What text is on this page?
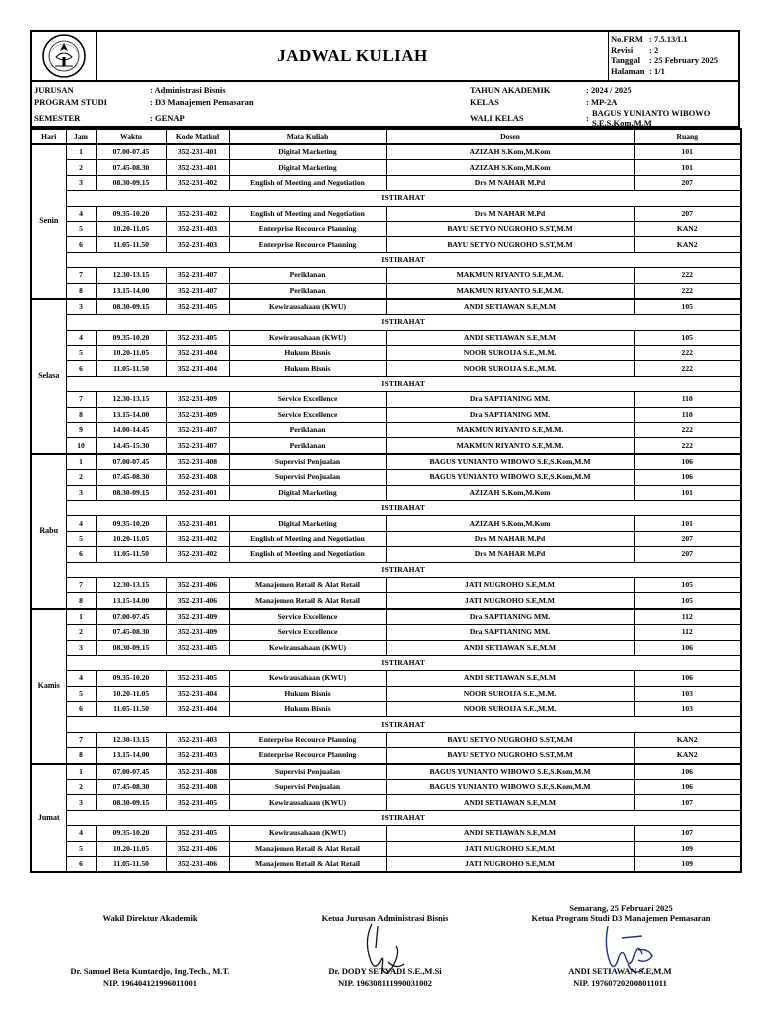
JADWAL KULIAH
No.FRM : 7.5.13/L1
Revisi	: 2
Tanggal	: 25 February 2025
Halaman : 1/1
JURUSAN	: Administrasi Bisnis
PROGRAM STUDI	: D3 Manajemen Pemasaran
SEMESTER	: GENAP
TAHUN AKADEMIK	: 2024 / 2025
KELAS	: MP-2A
WALI KELAS	: BAGUS YUNIANTO WIBOWO
S.E,S.Kom,M.M
Hari	Jam	Waktu	Kode Matkul	Mata Kuliah	Dosen	Ruang
Senin	1	07.00-07.45	352-231-401	Digital Marketing	AZIZAH S.Kom,M.Kom	101
	2	07.45-08.30	352-231-401	Digital Marketing	AZIZAH S.Kom,M.Kom	101
	3	08.30-09.15	352-231-402	English of Meeting and Negotiation	Drs M NAHAR M.Pd	207
	ISTIRAHAT					
	4	09.35-10.20	352-231-402	English of Meeting and Negotiation	Drs M NAHAR M.Pd	207
	5	10.20-11.05	352-231-403	Enterprise Recource Planning	BAYU SETYO NUGROHO S.ST,M.M	KAN2
	6	11.05-11.50	352-231-403	Enterprise Recource Planning	BAYU SETYO NUGROHO S.ST,M.M	KAN2
	ISTIRAHAT					
	7	12.30-13.15	352-231-407	Periklanan	MAKMUN RIYANTO S.E,M.M.	222
	8	13.15-14.00	352-231-407	Periklanan	MAKMUN RIYANTO S.E,M.M.	222
Selasa	3	08.30-09.15	352-231-405	Kewirausahaan (KWU)	ANDI SETIAWAN S.E,M.M	105
	ISTIRAHAT					
	4	09.35-10.20	352-231-405	Kewirausahaan (KWU)	ANDI SETIAWAN S.E,M.M	105
	5	10.20-11.05	352-231-404	Hukum Bisnis	NOOR SUROIJA S.E.,M.M.	222
	6	11.05-11.50	352-231-404	Hukum Bisnis	NOOR SUROIJA S.E.,M.M.	222
	ISTIRAHAT					
	7	12.30-13.15	352-231-409	Service Excellence	Dra SAPTIANING MM.	110
	8	13.15-14.00	352-231-409	Service Excellence	Dra SAPTIANING MM.	110
	9	14.00-14.45	352-231-407	Periklanan	MAKMUN RIYANTO S.E,M.M.	222
	10	14.45-15.30	352-231-407	Periklanan	MAKMUN RIYANTO S.E,M.M.	222
Rabu	1	07.00-07.45	352-231-408	Supervisi Penjualan	BAGUS YUNIANTO WIBOWO S.E,S.Kom,M.M	106
	2	07.45-08.30	352-231-408	Supervisi Penjualan	BAGUS YUNIANTO WIBOWO S.E,S.Kom,M.M	106
	3	08.30-09.15	352-231-401	Digital Marketing	AZIZAH S.Kom,M.Kom	101
	ISTIRAHAT					
	4	09.35-10.20	352-231-401	Digital Marketing	AZIZAH S.Kom,M.Kom	101
	5	10.20-11.05	352-231-402	English of Meeting and Negotiation	Drs M NAHAR M.Pd	207
	6	11.05-11.50	352-231-402	English of Meeting and Negotiation	Drs M NAHAR M.Pd	207
	ISTIRAHAT					
	7	12.30-13.15	352-231-406	Manajemen Retail & Alat Retail	JATI NUGROHO S.E,M.M	105
	8	13.15-14.00	352-231-406	Manajemen Retail & Alat Retail	JATI NUGROHO S.E,M.M	105
Kamis	1	07.00-07.45	352-231-409	Service Excellence	Dra SAPTIANING MM.	112
	2	07.45-08.30	352-231-409	Service Excellence	Dra SAPTIANING MM.	112
	3	08.30-09.15	352-231-405	Kewirausahaan (KWU)	ANDI SETIAWAN S.E,M.M	106
	ISTIRAHAT					
	4	09.35-10.20	352-231-405	Kewirausahaan (KWU)	ANDI SETIAWAN S.E,M.M	106
	5	10.20-11.05	352-231-404	Hukum Bisnis	NOOR SUROIJA S.E.,M.M.	103
	6	11.05-11.50	352-231-404	Hukum Bisnis	NOOR SUROIJA S.E.,M.M.	103
	ISTIRAHAT					
	7	12.30-13.15	352-231-403	Enterprise Recource Planning	BAYU SETYO NUGROHO S.ST,M.M	KAN2
	8	13.15-14.00	352-231-403	Enterprise Recource Planning	BAYU SETYO NUGROHO S.ST,M.M	KAN2
Jumat	1	07.00-07.45	352-231-408	Supervisi Penjualan	BAGUS YUNIANTO WIBOWO S.E,S.Kom,M.M	106
	2	07.45-08.30	352-231-408	Supervisi Penjualan	BAGUS YUNIANTO WIBOWO S.E,S.Kom,M.M	106
	3	08.30-09.15	352-231-405	Kewirausahaan (KWU)	ANDI SETIAWAN S.E,M.M	107
	ISTIRAHAT					
	4	09.35-10.20	352-231-405	Kewirausahaan (KWU)	ANDI SETIAWAN S.E,M.M	107
	5	10.20-11.05	352-231-406	Manajemen Retail & Alat Retail	JATI NUGROHO S.E,M.M	109
	6	11.05-11.50	352-231-406	Manajemen Retail & Alat Retail	JATI NUGROHO S.E,M.M	109
Semarang, 25 Februari 2025
Wakil Direktur Akademik	Ketua Jurusan Administrasi Bisnis	Ketua Program Studi D3 Manajemen Pemasaran
Dr. Samuel Beta Kuntardjo, Ing.Tech., M.T.
NIP. 196404121996011001
Dr. DODY SETYADI S.E.,M.Si
NIP. 196308111990031002
ANDI SETIAWAN S.E,M.M
NIP. 197607202008011011
